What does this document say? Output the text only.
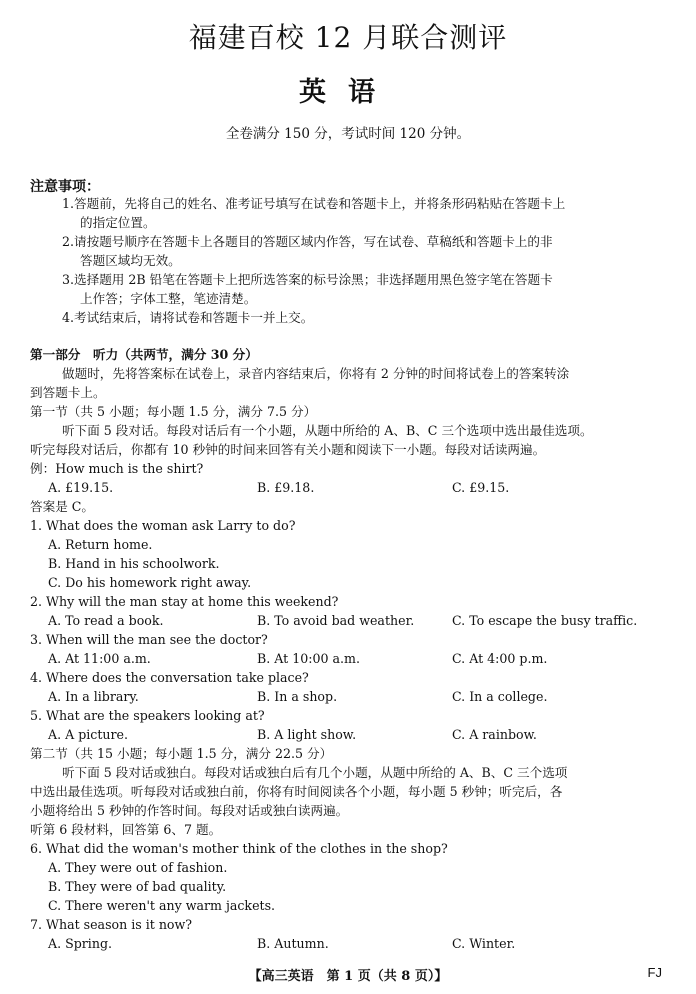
福建百校 12 月联合测评
英语
全卷满分 150 分，考试时间 120 分钟。
注意事项：
1.答题前，先将自己的姓名、准考证号填写在试卷和答题卡上，并将条形码粘贴在答题卡上
的指定位置。
2.请按题号顺序在答题卡上各题目的答题区域内作答，写在试卷、草稿纸和答题卡上的非
答题区域均无效。
3.选择题用 2B 铅笔在答题卡上把所选答案的标号涂黑；非选择题用黑色签字笔在答题卡
上作答；字体工整，笔迹清楚。
4.考试结束后，请将试卷和答题卡一并上交。
第一部分　听力（共两节，满分 30 分）
做题时，先将答案标在试卷上，录音内容结束后，你将有 2 分钟的时间将试卷上的答案转涂
到答题卡上。
第一节（共 5 小题；每小题 1.5 分，满分 7.5 分）
听下面 5 段对话。每段对话后有一个小题，从题中所给的 A、B、C 三个选项中选出最佳选项。
听完每段对话后，你都有 10 秒钟的时间来回答有关小题和阅读下一小题。每段对话读两遍。
例：How much is the shirt?
A. £19.15.	B. £9.18.	C. £9.15.
答案是 C。
1. What does the woman ask Larry to do?
A. Return home.
B. Hand in his schoolwork.
C. Do his homework right away.
2. Why will the man stay at home this weekend?
A. To read a book.	B. To avoid bad weather.	C. To escape the busy traffic.
3. When will the man see the doctor?
A. At 11:00 a.m.	B. At 10:00 a.m.	C. At 4:00 p.m.
4. Where does the conversation take place?
A. In a library.	B. In a shop.	C. In a college.
5. What are the speakers looking at?
A. A picture.	B. A light show.	C. A rainbow.
第二节（共 15 小题；每小题 1.5 分，满分 22.5 分）
听下面 5 段对话或独白。每段对话或独白后有几个小题，从题中所给的 A、B、C 三个选项
中选出最佳选项。听每段对话或独白前，你将有时间阅读各个小题，每小题 5 秒钟；听完后，各
小题将给出 5 秒钟的作答时间。每段对话或独白读两遍。
听第 6 段材料，回答第 6、7 题。
6. What did the woman's mother think of the clothes in the shop?
A. They were out of fashion.
B. They were of bad quality.
C. There weren't any warm jackets.
7. What season is it now?
A. Spring.	B. Autumn.	C. Winter.
【高三英语　第 1 页（共 8 页）】	FJ
